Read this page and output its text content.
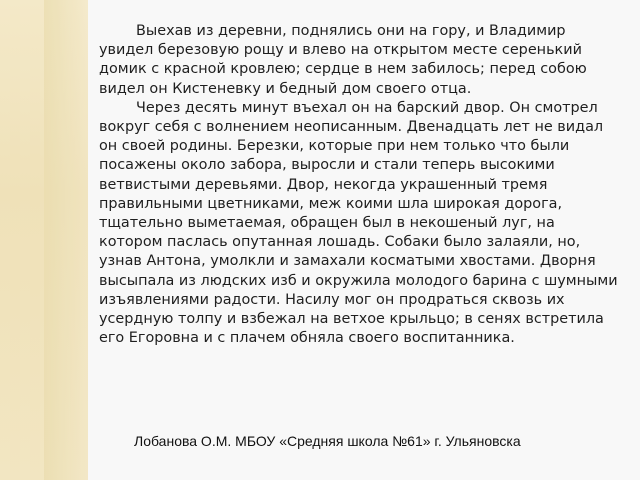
Выехав из деревни, поднялись они на гору, и Владимир увидел березовую рощу и влево на открытом месте серенький домик с красной кровлею; сердце в нем забилось; перед собою видел он Кистеневку и бедный дом своего отца.

Через десять минут въехал он на барский двор. Он смотрел вокруг себя с волнением неописанным. Двенадцать лет не видал он своей родины. Березки, которые при нем только что были посажены около забора, выросли и стали теперь высокими ветвистыми деревьями. Двор, некогда украшенный тремя правильными цветниками, меж коими шла широкая дорога, тщательно выметаемая, обращен был в некошеный луг, на котором паслась опутанная лошадь. Собаки было залаяли, но, узнав Антона, умолкли и замахали косматыми хвостами. Дворня высыпала из людских изб и окружила молодого барина с шумными изъявлениями радости. Насилу мог он продраться сквозь их усердную толпу и взбежал на ветхое крыльцо; в сенях встретила его Егоровна и с плачем обняла своего воспитанника.

Лобанова О.М. МБОУ «Средняя школа №61» г. Ульяновска
